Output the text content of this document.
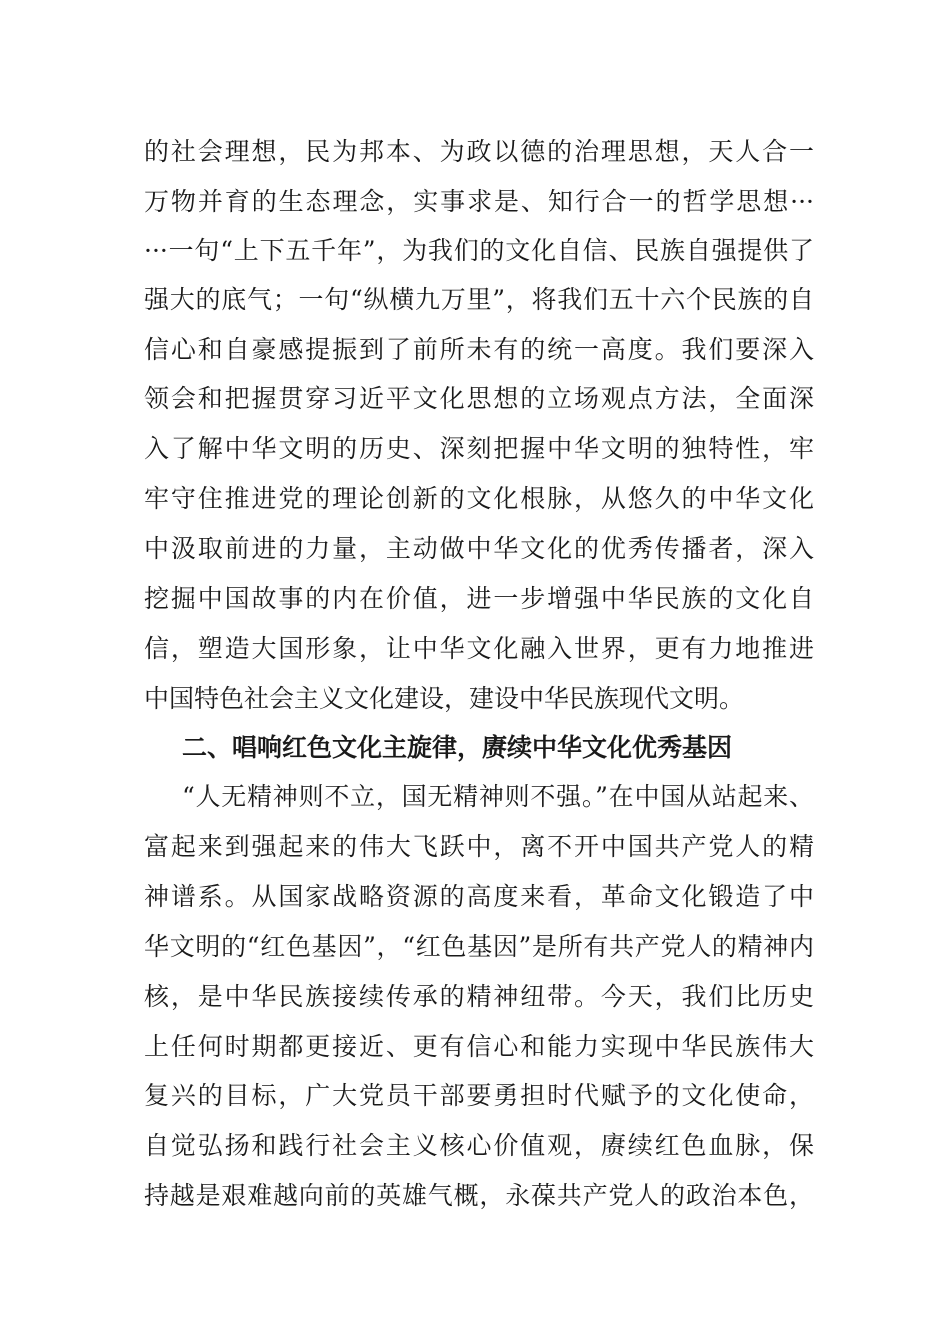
的社会理想，民为邦本、为政以德的治理思想，天人合一
万物并育的生态理念，实事求是、知行合一的哲学思想···
···一句“上下五千年”，为我们的文化自信、民族自强提供了
强大的底气；一句“纵横九万里”，将我们五十六个民族的自
信心和自豪感提振到了前所未有的统一高度。我们要深入
领会和把握贯穿习近平文化思想的立场观点方法，全面深
入了解中华文明的历史、深刻把握中华文明的独特性，牢
牢守住推进党的理论创新的文化根脉，从悠久的中华文化
中汲取前进的力量，主动做中华文化的优秀传播者，深入
挖掘中国故事的内在价值，进一步增强中华民族的文化自
信，塑造大国形象，让中华文化融入世界，更有力地推进
中国特色社会主义文化建设，建设中华民族现代文明。
二、唱响红色文化主旋律，赓续中华文化优秀基因
“人无精神则不立，国无精神则不强。”在中国从站起来、
富起来到强起来的伟大飞跃中，离不开中国共产党人的精
神谱系。从国家战略资源的高度来看，革命文化锻造了中
华文明的“红色基因”，“红色基因”是所有共产党人的精神内
核，是中华民族接续传承的精神纽带。今天，我们比历史
上任何时期都更接近、更有信心和能力实现中华民族伟大
复兴的目标，广大党员干部要勇担时代赋予的文化使命，
自觉弘扬和践行社会主义核心价值观，赓续红色血脉，保
持越是艰难越向前的英雄气概，永葆共产党人的政治本色，
